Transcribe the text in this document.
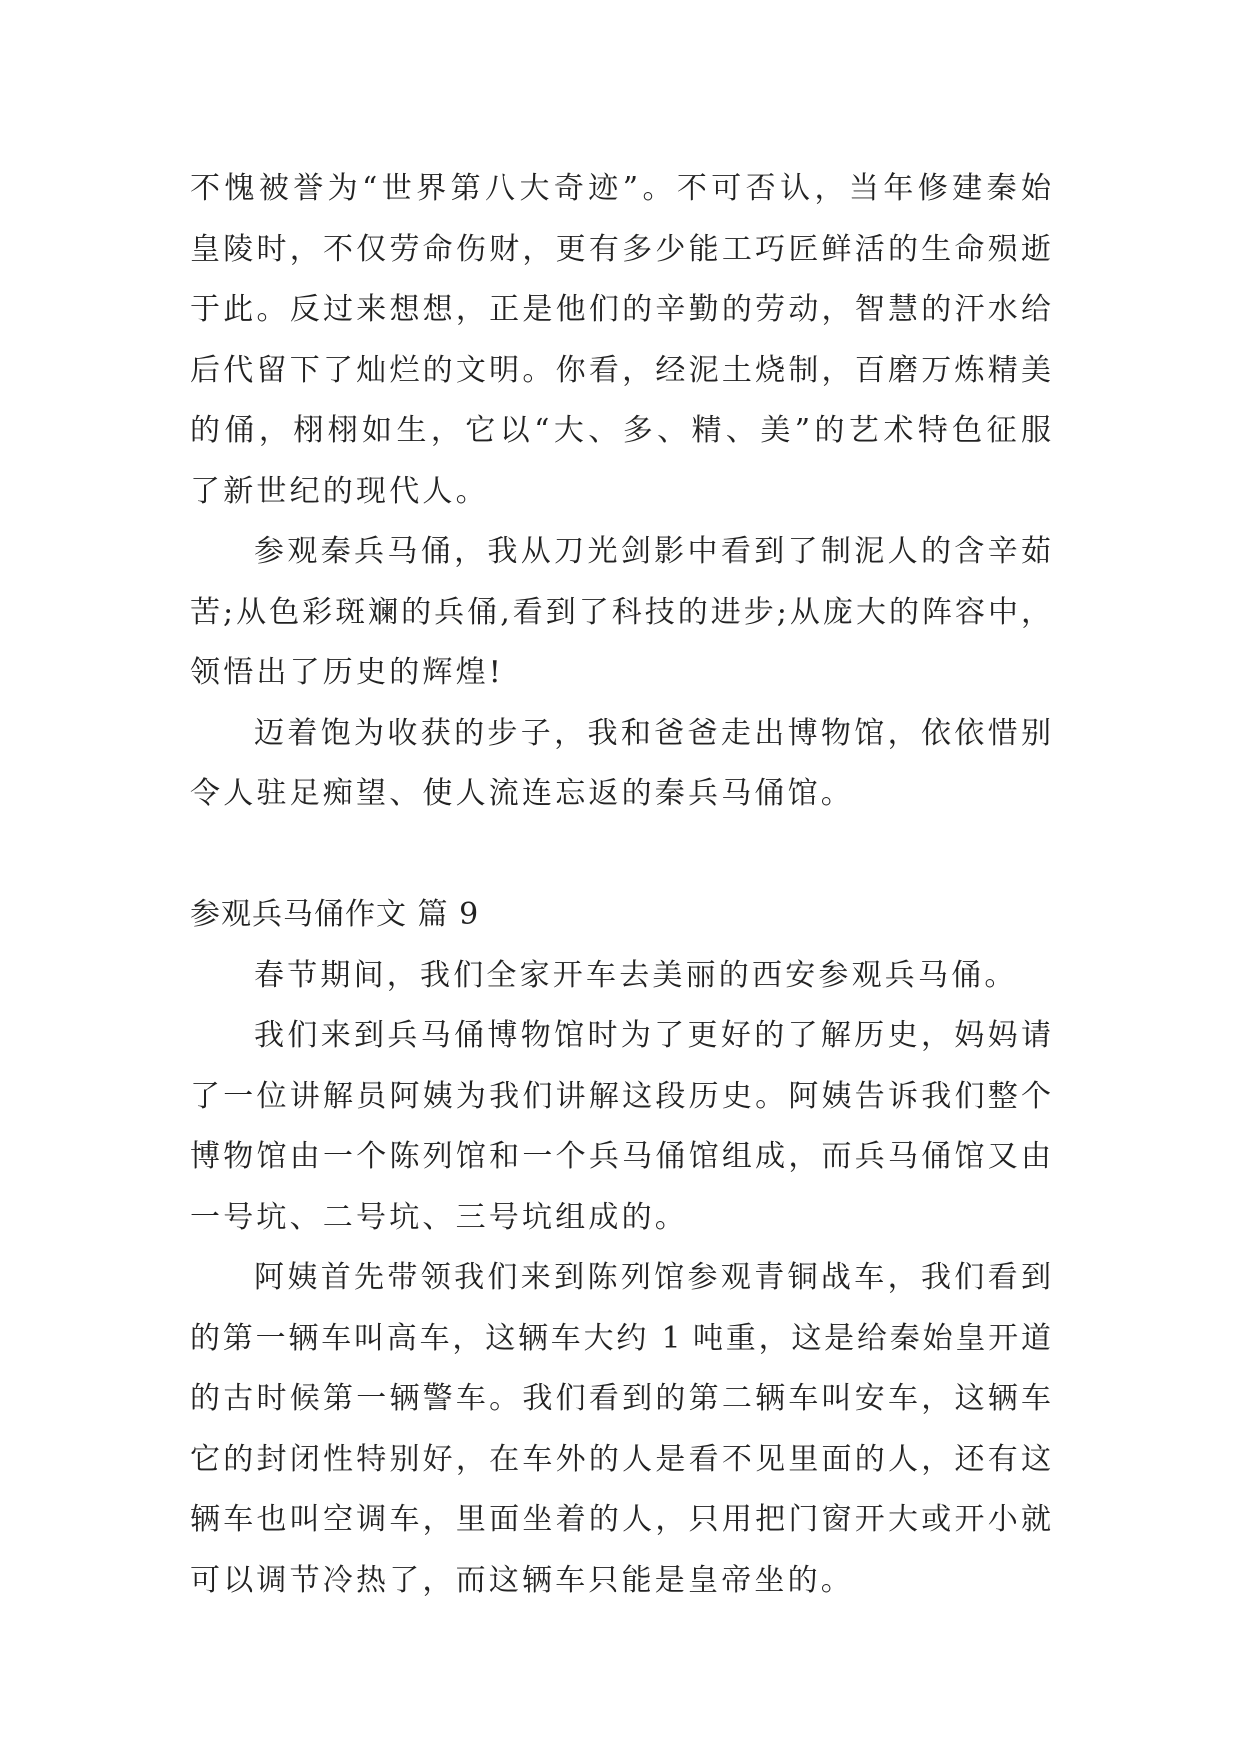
不愧被誉为“世界第八大奇迹”。不可否认，当年修建秦始
皇陵时，不仅劳命伤财，更有多少能工巧匠鲜活的生命殒逝
于此。反过来想想，正是他们的辛勤的劳动，智慧的汗水给
后代留下了灿烂的文明。你看，经泥土烧制，百磨万炼精美
的俑，栩栩如生，它以“大、多、精、美”的艺术特色征服
了新世纪的现代人。
参观秦兵马俑，我从刀光剑影中看到了制泥人的含辛茹
苦;从色彩斑斓的兵俑,看到了科技的进步;从庞大的阵容中，
领悟出了历史的辉煌!
迈着饱为收获的步子，我和爸爸走出博物馆，依依惜别
令人驻足痴望、使人流连忘返的秦兵马俑馆。
参观兵马俑作文 篇 9
春节期间，我们全家开车去美丽的西安参观兵马俑。
我们来到兵马俑博物馆时为了更好的了解历史，妈妈请
了一位讲解员阿姨为我们讲解这段历史。阿姨告诉我们整个
博物馆由一个陈列馆和一个兵马俑馆组成，而兵马俑馆又由
一号坑、二号坑、三号坑组成的。
阿姨首先带领我们来到陈列馆参观青铜战车，我们看到
的第一辆车叫高车，这辆车大约 1 吨重，这是给秦始皇开道
的古时候第一辆警车。我们看到的第二辆车叫安车，这辆车
它的封闭性特别好，在车外的人是看不见里面的人，还有这
辆车也叫空调车，里面坐着的人，只用把门窗开大或开小就
可以调节冷热了，而这辆车只能是皇帝坐的。
